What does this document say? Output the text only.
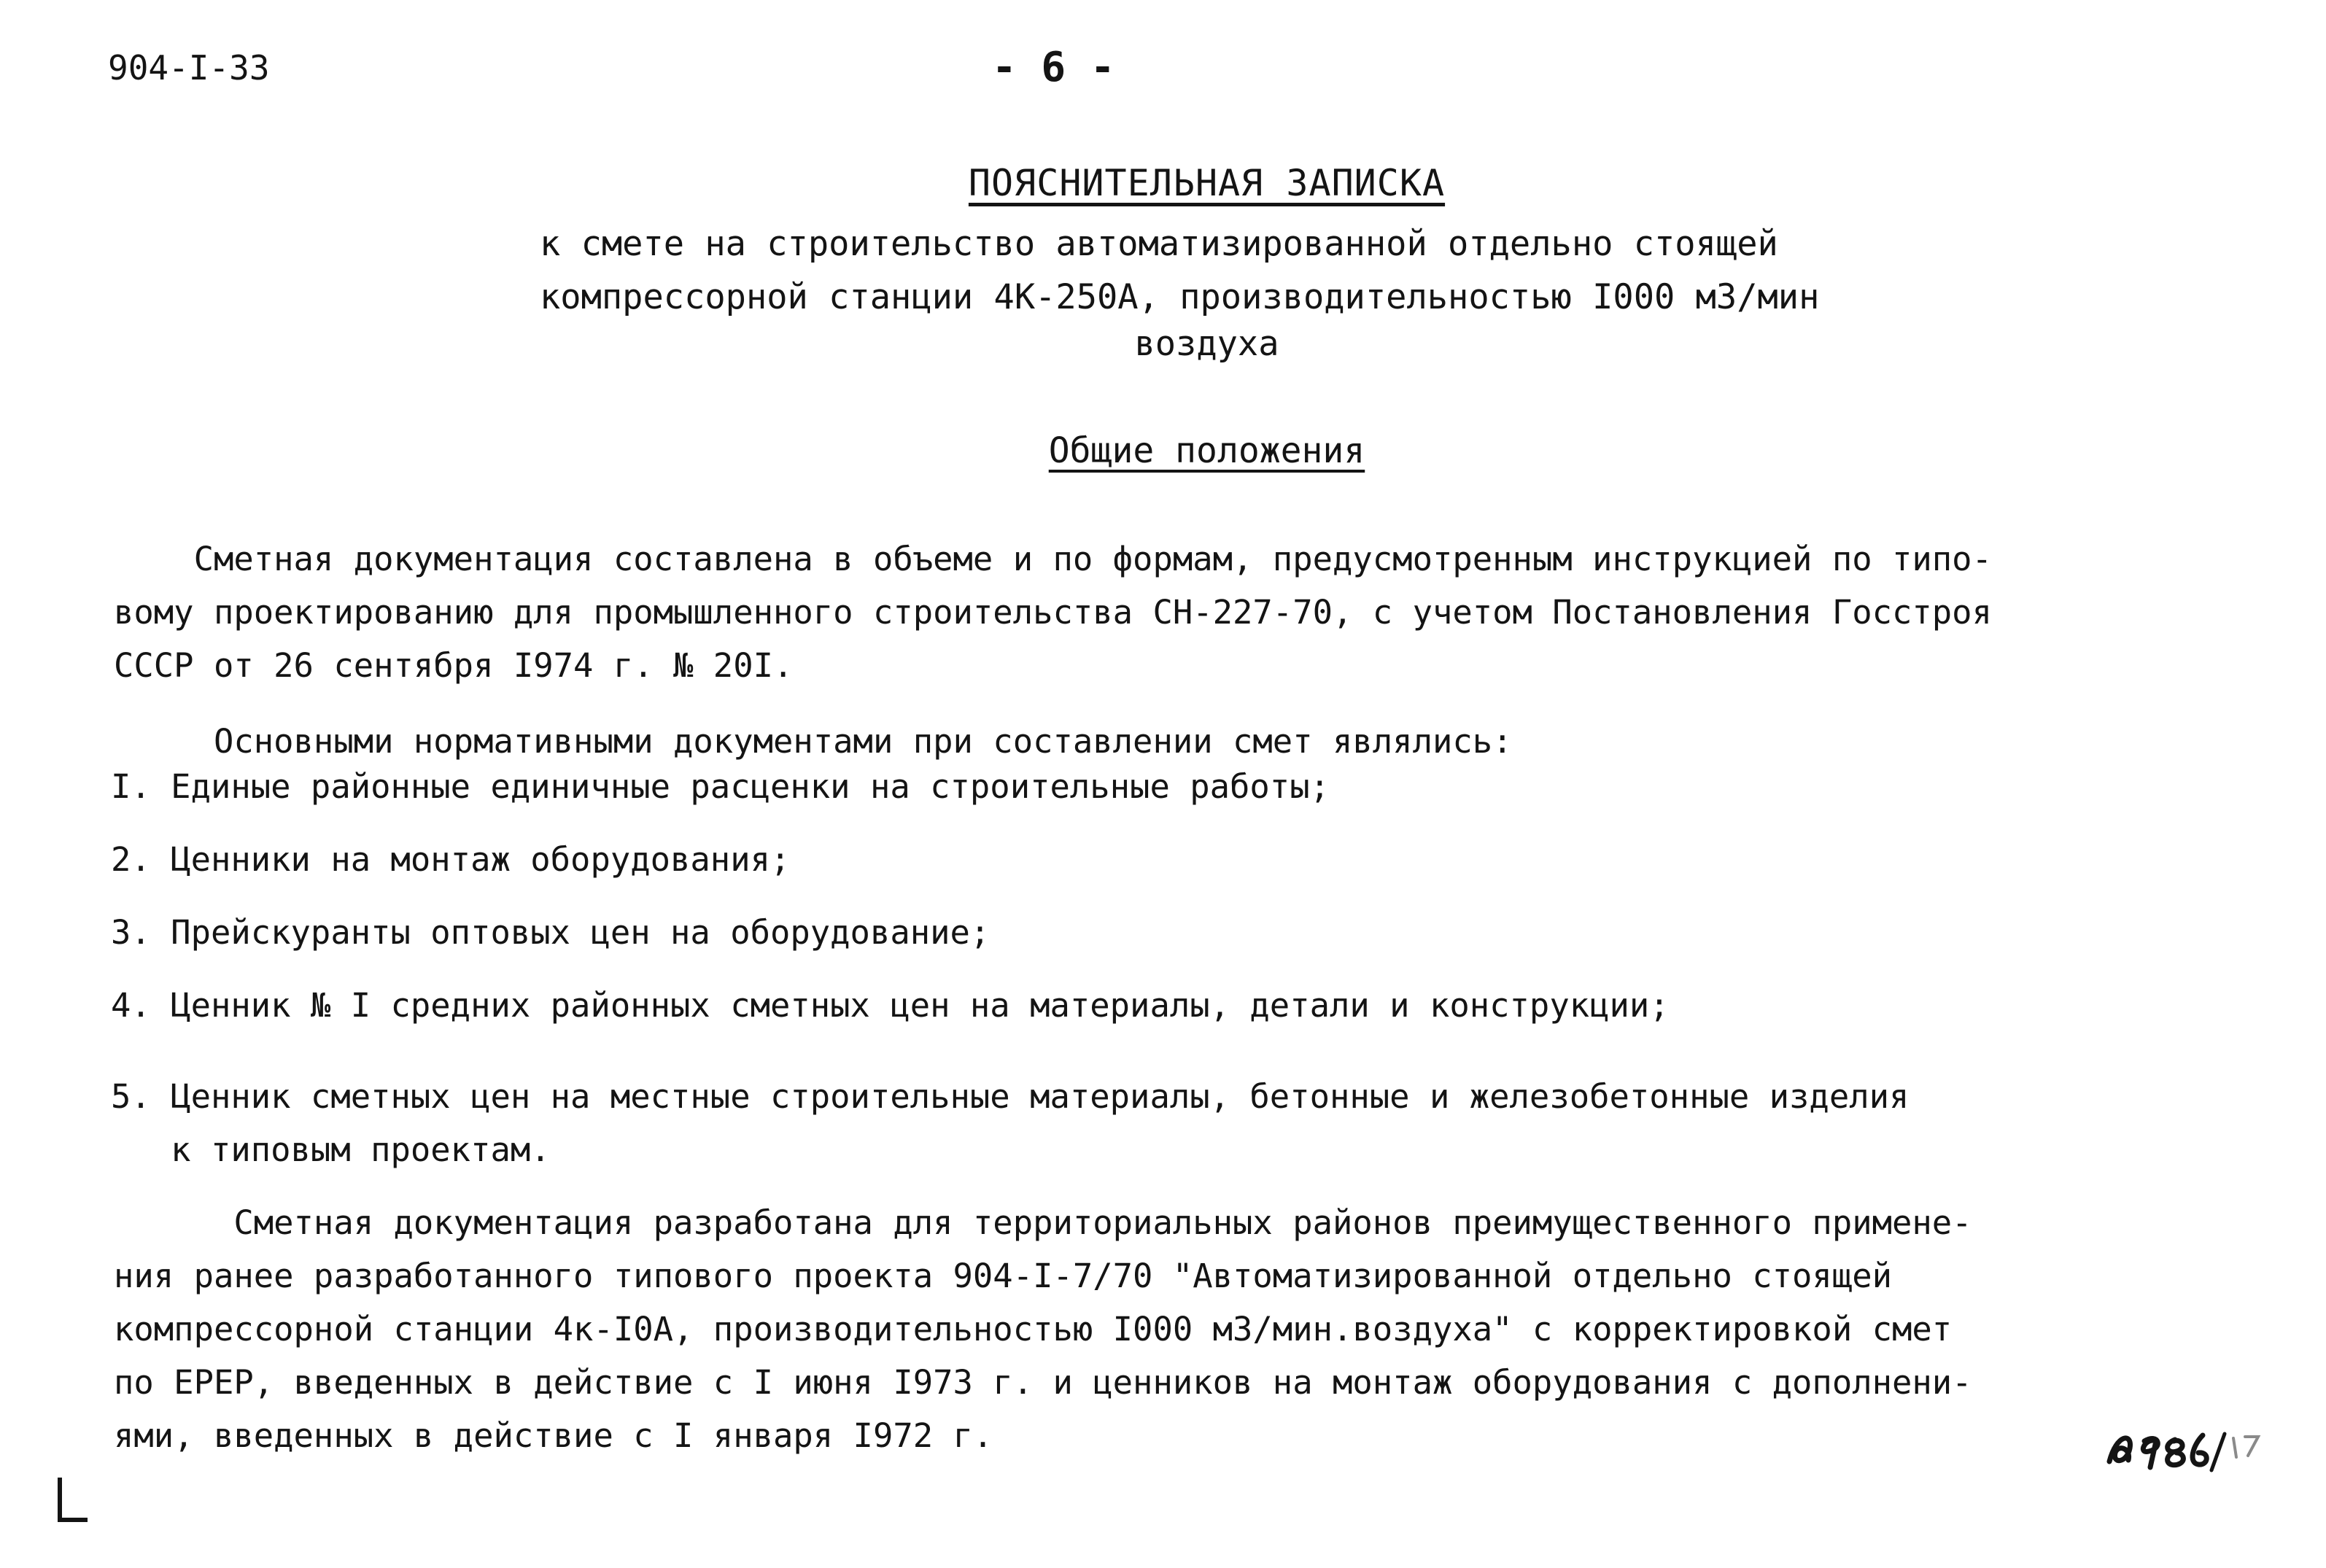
904-I-33	- 6 -
ПОЯСНИТЕЛЬНАЯ ЗАПИСКА
к смете на строительство автоматизированной отдельно стоящей
компрессорной станции 4К-250А, производительностью I000 м3/мин
воздуха
Общие положения
Сметная документация составлена в объеме и по формам, предусмотренным инструкцией по типо-
вому проектированию для промышленного строительства СН-227-70, с учетом Постановления Госстроя
СССР от 26 сентября I974 г. № 20I.
Основными нормативными документами при составлении смет являлись:
I. Единые районные единичные расценки на строительные работы;
2. Ценники на монтаж оборудования;
3. Прейскуранты оптовых цен на оборудование;
4. Ценник № I средних районных сметных цен на материалы, детали и конструкции;
5. Ценник сметных цен на местные строительные материалы, бетонные и железобетонные изделия
к типовым проектам.
Сметная документация разработана для территориальных районов преимущественного примене-
ния ранее разработанного типового проекта 904-I-7/70 "Автоматизированной отдельно стоящей
компрессорной станции 4к-I0А, производительностью I000 м3/мин.воздуха" с корректировкой смет
по ЕРЕР, введенных в действие с I июня I973 г. и ценников на монтаж оборудования с дополнени-
ями, введенных в действие с I января I972 г.
